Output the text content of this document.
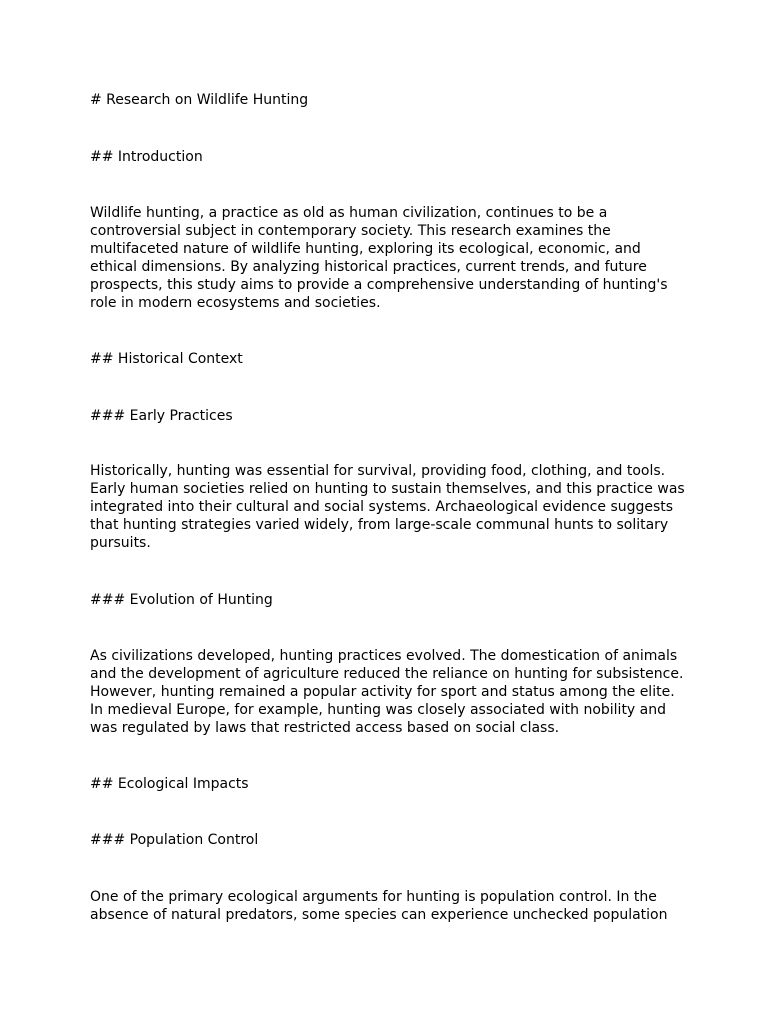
# Research on Wildlife Hunting

## Introduction

Wildlife hunting, a practice as old as human civilization, continues to be a controversial subject in contemporary society. This research examines the multifaceted nature of wildlife hunting, exploring its ecological, economic, and ethical dimensions. By analyzing historical practices, current trends, and future prospects, this study aims to provide a comprehensive understanding of hunting's role in modern ecosystems and societies.

## Historical Context

### Early Practices

Historically, hunting was essential for survival, providing food, clothing, and tools. Early human societies relied on hunting to sustain themselves, and this practice was integrated into their cultural and social systems. Archaeological evidence suggests that hunting strategies varied widely, from large-scale communal hunts to solitary pursuits.

### Evolution of Hunting

As civilizations developed, hunting practices evolved. The domestication of animals and the development of agriculture reduced the reliance on hunting for subsistence. However, hunting remained a popular activity for sport and status among the elite. In medieval Europe, for example, hunting was closely associated with nobility and was regulated by laws that restricted access based on social class.

## Ecological Impacts

### Population Control

One of the primary ecological arguments for hunting is population control. In the absence of natural predators, some species can experience unchecked population
